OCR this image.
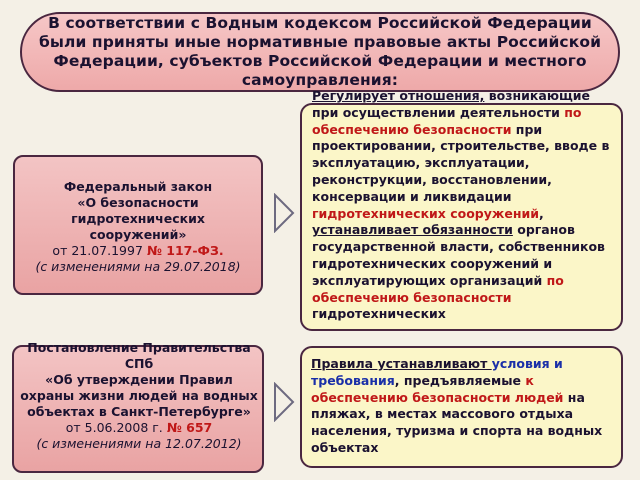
В соответствии с Водным кодексом Российской Федерации были приняты иные нормативные правовые акты Российской Федерации, субъектов Российской Федерации и местного самоуправления:
Федеральный закон
«О безопасности гидротехнических сооружений»
от 21.07.1997 № 117-ФЗ.
(с изменениями на 29.07.2018)
Регулирует отношения, возникающие при осуществлении деятельности по обеспечению безопасности при проектировании, строительстве, вводе в эксплуатацию, эксплуатации, реконструкции, восстановлении, консервации и ликвидации гидротехнических сооружений, устанавливает обязанности органов государственной власти, собственников гидротехнических сооружений и эксплуатирующих организаций по обеспечению безопасности гидротехнических
Постановление Правительства СПб
«Об утверждении Правил охраны жизни людей на водных объектах в Санкт-Петербурге»
от 5.06.2008 г. № 657
(с изменениями на 12.07.2012)
Правила устанавливают условия и требования, предъявляемые к обеспечению безопасности людей на пляжах, в местах массового отдыха населения, туризма и спорта на водных объектах
